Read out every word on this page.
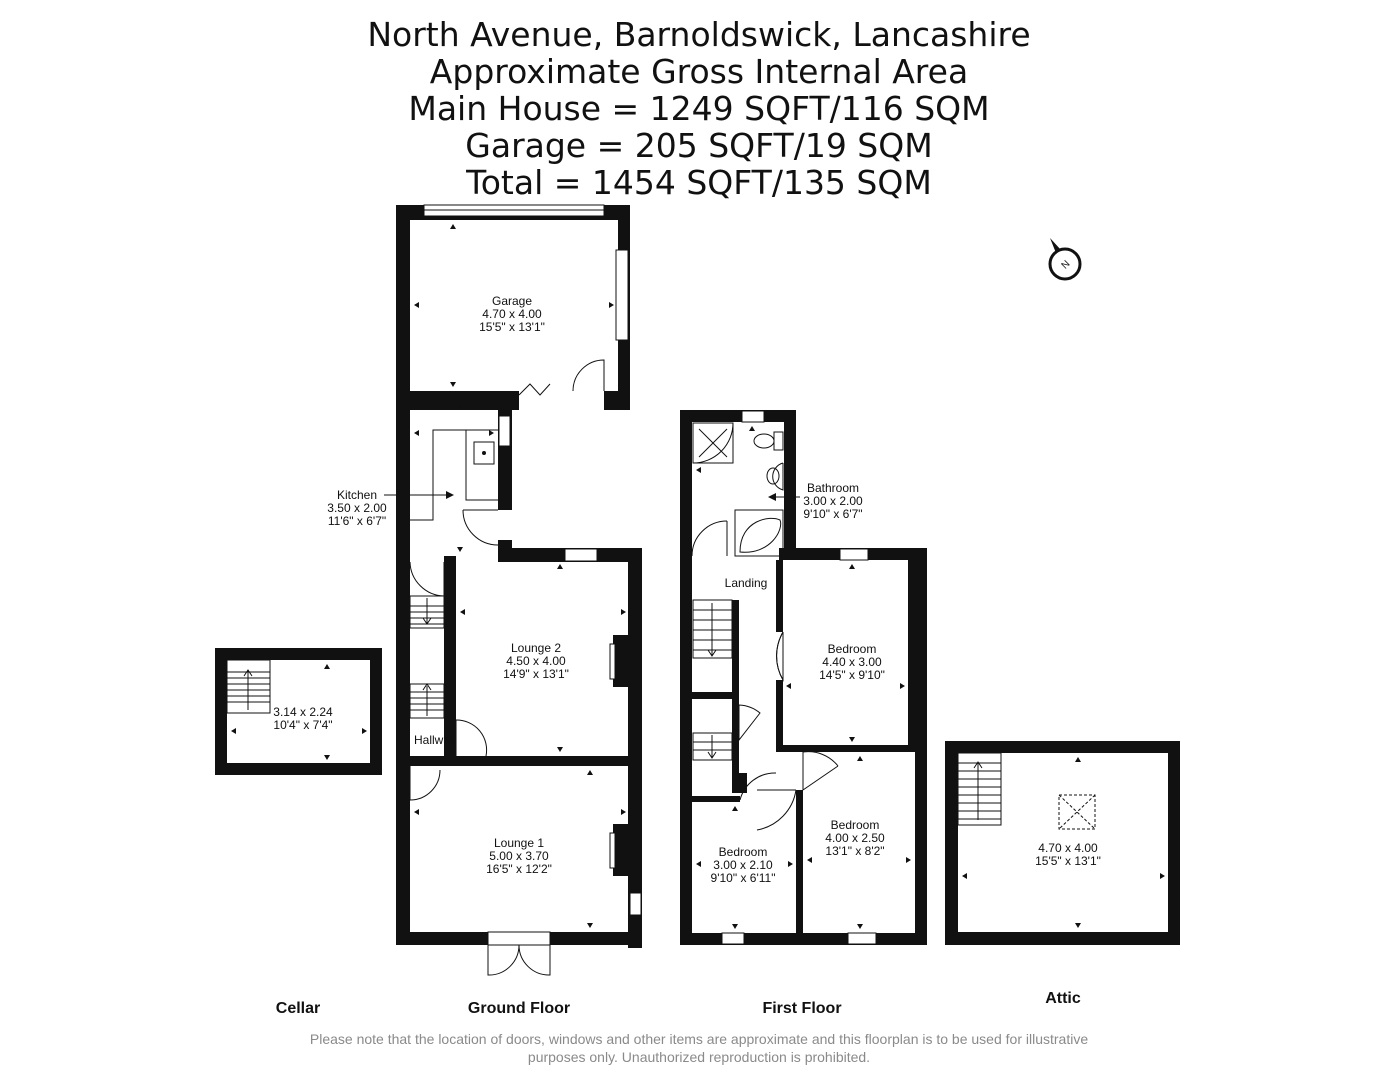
North Avenue, Barnoldswick, Lancashire
Approximate Gross Internal Area
Main House = 1249 SQFT/116 SQM
Garage = 205 SQFT/19 SQM
Total = 1454 SQFT/135 SQM
N
Garage
4.70 x 4.00
15'5" x 13'1"
Kitchen
3.50 x 2.00
11'6" x 6'7"
Lounge 2
4.50 x 4.00
14'9" x 13'1"
Hallway
Lounge 1
5.00 x 3.70
16'5" x 12'2"
3.14 x 2.24
10'4" x 7'4"
Bathroom
3.00 x 2.00
9'10" x 6'7"
Landing
Bedroom
4.40 x 3.00
14'5" x 9'10"
Bedroom
4.00 x 2.50
13'1" x 8'2"
Bedroom
3.00 x 2.10
9'10" x 6'11"
4.70 x 4.00
15'5" x 13'1"
Cellar	Ground Floor	First Floor
Attic
Please note that the location of doors, windows and other items are approximate and this floorplan is to be used for illustrative
purposes only. Unauthorized reproduction is prohibited.
